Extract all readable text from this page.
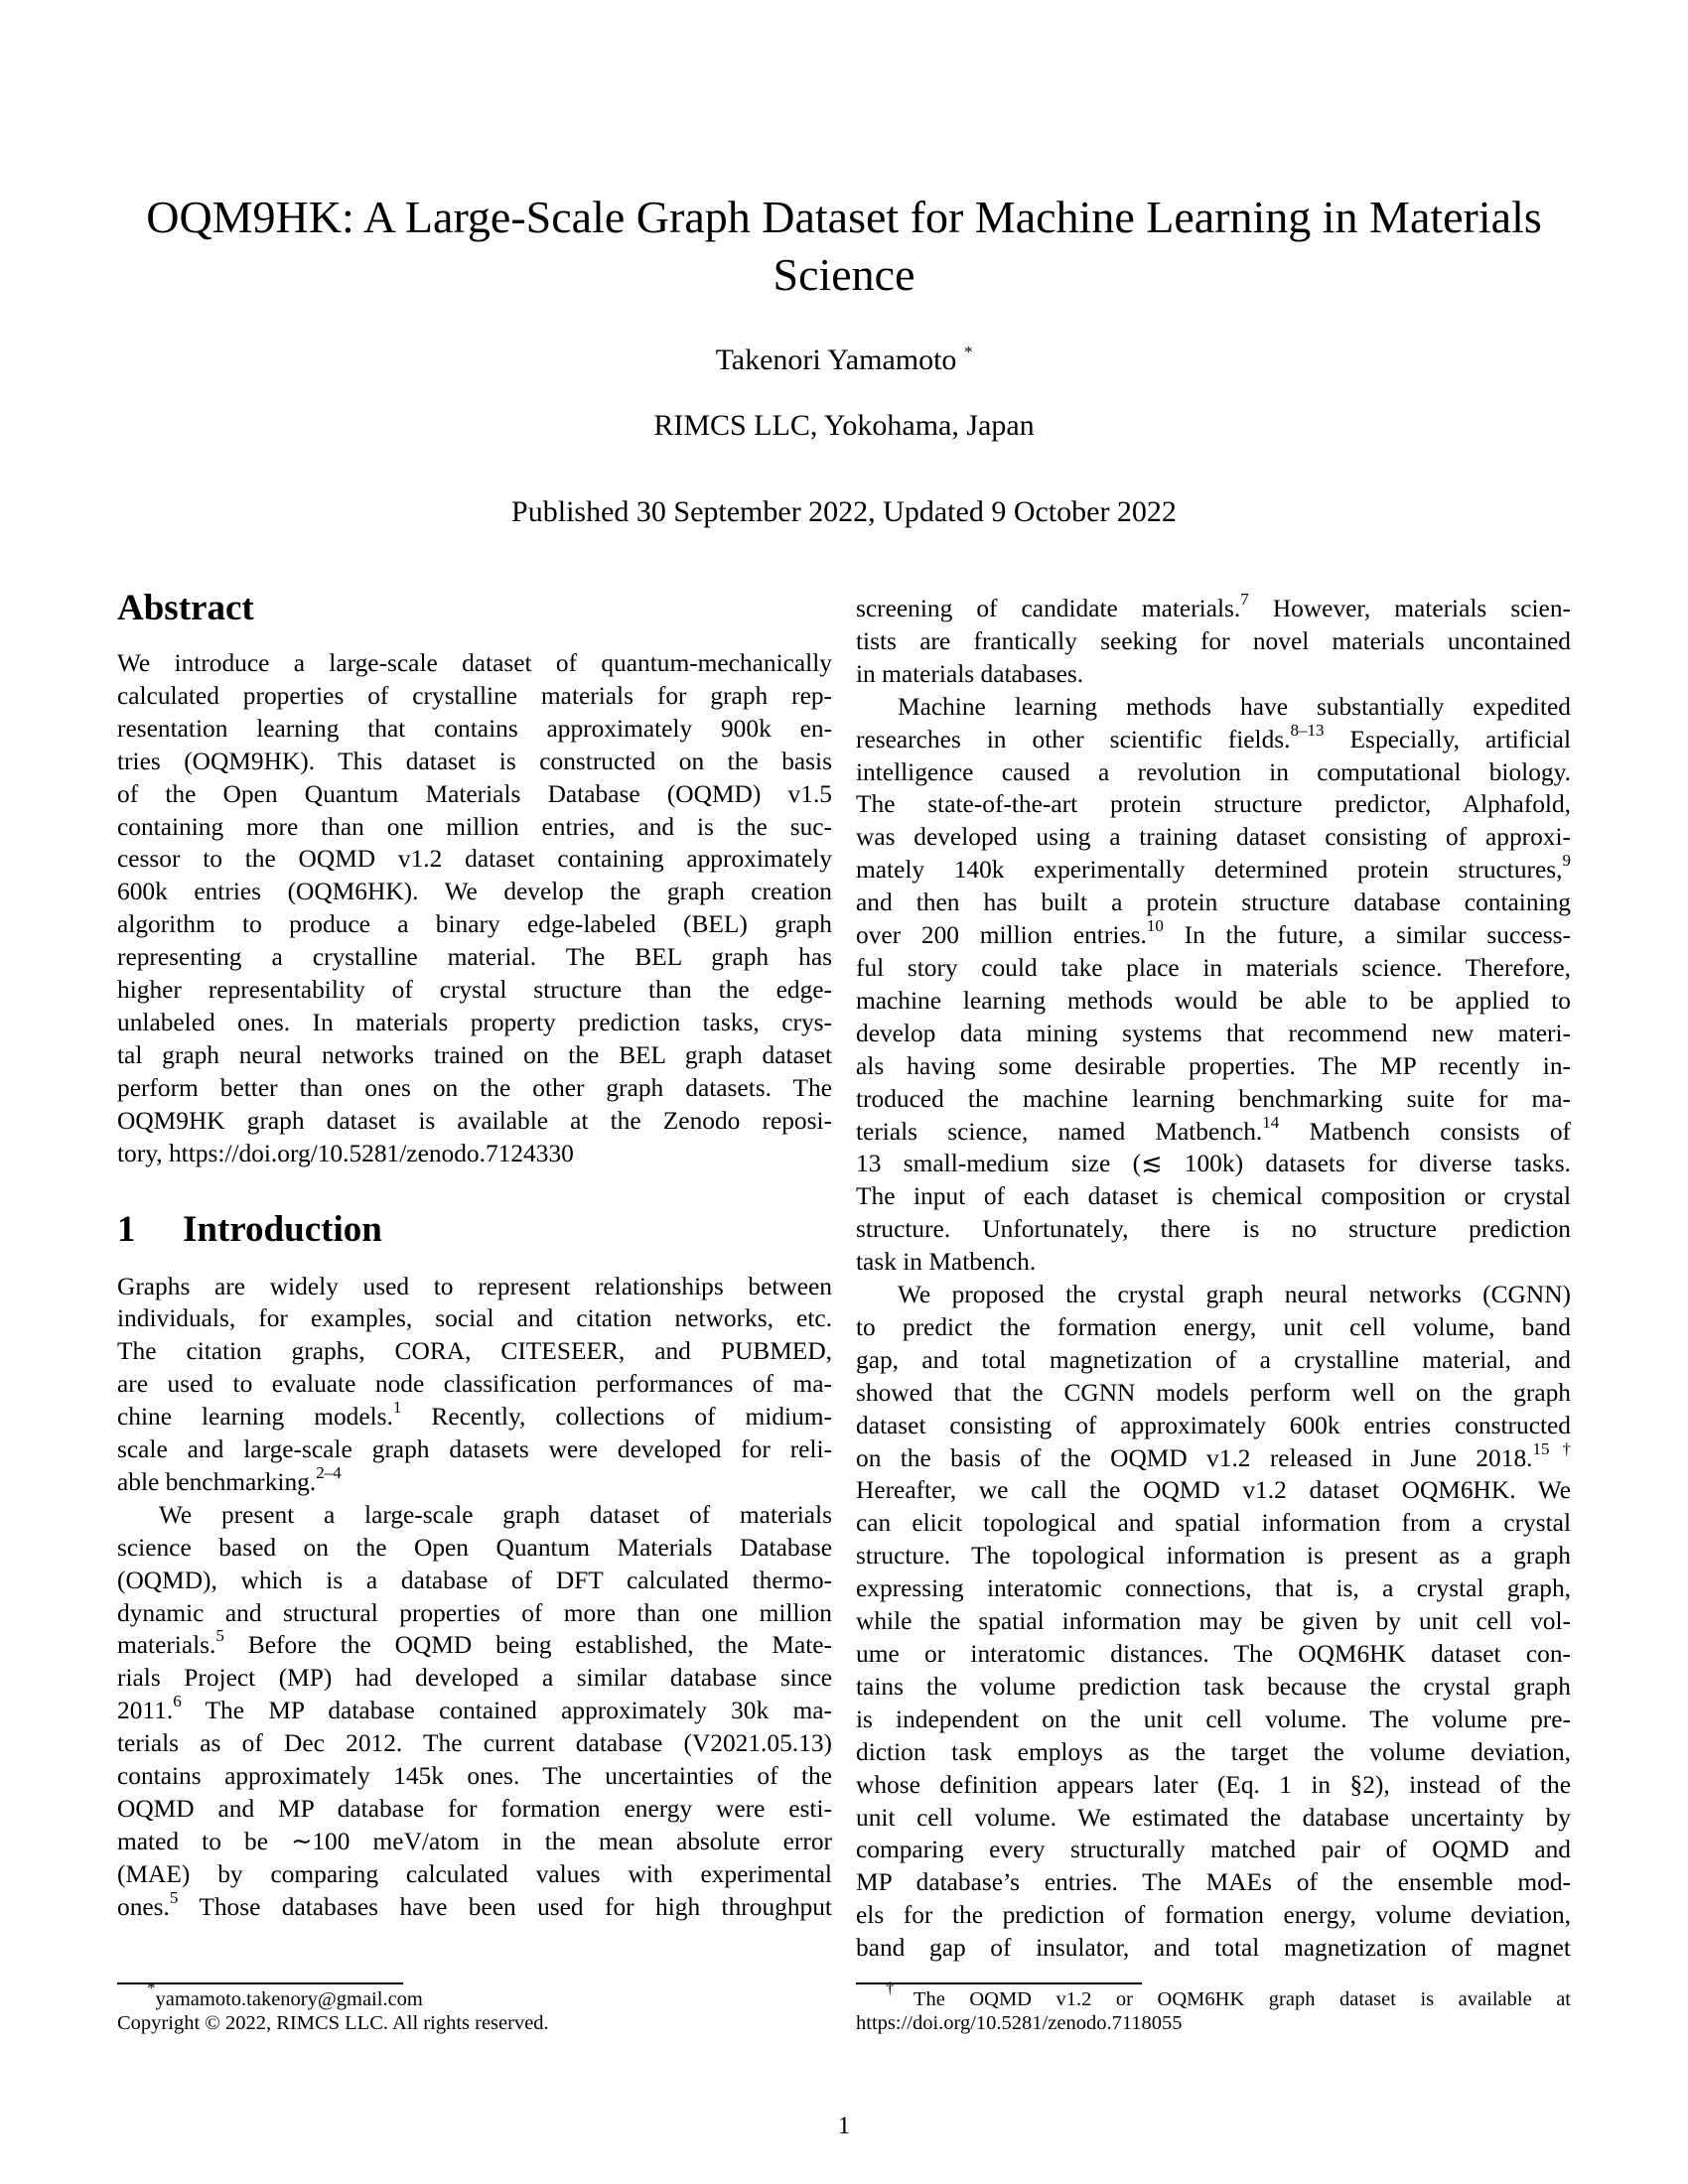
OQM9HK: A Large-Scale Graph Dataset for Machine Learning in Materials
Science
Takenori Yamamoto *
RIMCS LLC, Yokohama, Japan
Published 30 September 2022, Updated 9 October 2022
Abstract
We introduce a large-scale dataset of quantum-mechanically
calculated properties of crystalline materials for graph rep-
resentation learning that contains approximately 900k en-
tries (OQM9HK). This dataset is constructed on the basis
of the Open Quantum Materials Database (OQMD) v1.5
containing more than one million entries, and is the suc-
cessor to the OQMD v1.2 dataset containing approximately
600k entries (OQM6HK). We develop the graph creation
algorithm to produce a binary edge-labeled (BEL) graph
representing a crystalline material. The BEL graph has
higher representability of crystal structure than the edge-
unlabeled ones. In materials property prediction tasks, crys-
tal graph neural networks trained on the BEL graph dataset
perform better than ones on the other graph datasets. The
OQM9HK graph dataset is available at the Zenodo reposi-
tory, https://doi.org/10.5281/zenodo.7124330
1 Introduction
Graphs are widely used to represent relationships between
individuals, for examples, social and citation networks, etc.
The citation graphs, CORA, CITESEER, and PUBMED,
are used to evaluate node classification performances of ma-
chine learning models.$^1$ Recently, collections of midium-
scale and large-scale graph datasets were developed for reli-
able benchmarking.$^{2-4}$
We present a large-scale graph dataset of materials
science based on the Open Quantum Materials Database
(OQMD), which is a database of DFT calculated thermo-
dynamic and structural properties of more than one million
materials.$^5$ Before the OQMD being established, the Mate-
rials Project (MP) had developed a similar database since
2011.$^6$ The MP database contained approximately 30k ma-
terials as of Dec 2012. The current database (V2021.05.13)
contains approximately 145k ones. The uncertainties of the
OQMD and MP database for formation energy were esti-
mated to be ∼100 meV/atom in the mean absolute error
(MAE) by comparing calculated values with experimental
ones.$^5$ Those databases have been used for high throughput
screening of candidate materials.$^7$ However, materials scien-
tists are frantically seeking for novel materials uncontained
in materials databases.
Machine learning methods have substantially expedited
researches in other scientific fields.$^{8-13}$ Especially, artificial
intelligence caused a revolution in computational biology.
The state-of-the-art protein structure predictor, Alphafold,
was developed using a training dataset consisting of approxi-
mately 140k experimentally determined protein structures,$^9$
and then has built a protein structure database containing
over 200 million entries.$^{10}$ In the future, a similar success-
ful story could take place in materials science. Therefore,
machine learning methods would be able to be applied to
develop data mining systems that recommend new materi-
als having some desirable properties. The MP recently in-
troduced the machine learning benchmarking suite for ma-
terials science, named Matbench.$^{14}$ Matbench consists of
13 small-medium size (≲ 100k) datasets for diverse tasks.
The input of each dataset is chemical composition or crystal
structure. Unfortunately, there is no structure prediction
task in Matbench.
We proposed the crystal graph neural networks (CGNN)
to predict the formation energy, unit cell volume, band
gap, and total magnetization of a crystalline material, and
showed that the CGNN models perform well on the graph
dataset consisting of approximately 600k entries constructed
on the basis of the OQMD v1.2 released in June 2018.$^{15\dagger}$
Hereafter, we call the OQMD v1.2 dataset OQM6HK. We
can elicit topological and spatial information from a crystal
structure. The topological information is present as a graph
expressing interatomic connections, that is, a crystal graph,
while the spatial information may be given by unit cell vol-
ume or interatomic distances. The OQM6HK dataset con-
tains the volume prediction task because the crystal graph
is independent on the unit cell volume. The volume pre-
diction task employs as the target the volume deviation,
whose definition appears later (Eq. 1 in §2), instead of the
unit cell volume. We estimated the database uncertainty by
comparing every structurally matched pair of OQMD and
MP database’s entries. The MAEs of the ensemble mod-
els for the prediction of formation energy, volume deviation,
band gap of insulator, and total magnetization of magnet
*yamamoto.takenory@gmail.com
Copyright © 2022, RIMCS LLC. All rights reserved.
†The OQMD v1.2 or OQM6HK graph dataset is available at
https://doi.org/10.5281/zenodo.7118055
1
